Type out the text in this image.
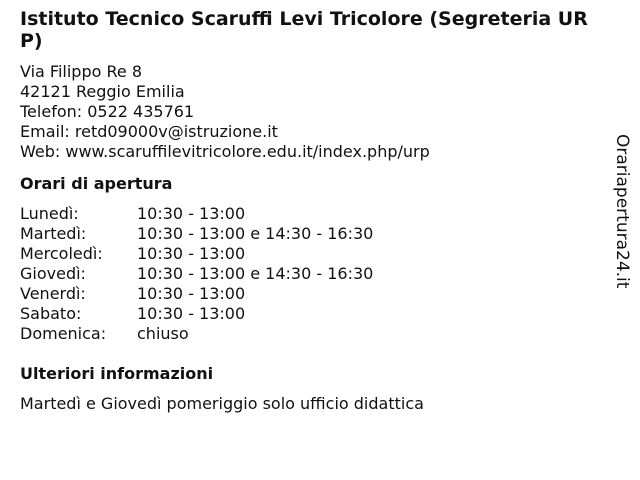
Istituto Tecnico Scaruffi Levi Tricolore (Segreteria URP)
Via Filippo Re 8
42121 Reggio Emilia
Telefon: 0522 435761
Email: retd09000v@istruzione.it
Web: www.scaruffilevitricolore.edu.it/index.php/urp
Orari di apertura
Lunedì:	10:30 - 13:00
Martedì:	10:30 - 13:00 e 14:30 - 16:30
Mercoledì:	10:30 - 13:00
Giovedì:	10:30 - 13:00 e 14:30 - 16:30
Venerdì:	10:30 - 13:00
Sabato:	10:30 - 13:00
Domenica:	chiuso
Ulteriori informazioni
Martedì e Giovedì pomeriggio solo ufficio didattica
Orariapertura24.it
